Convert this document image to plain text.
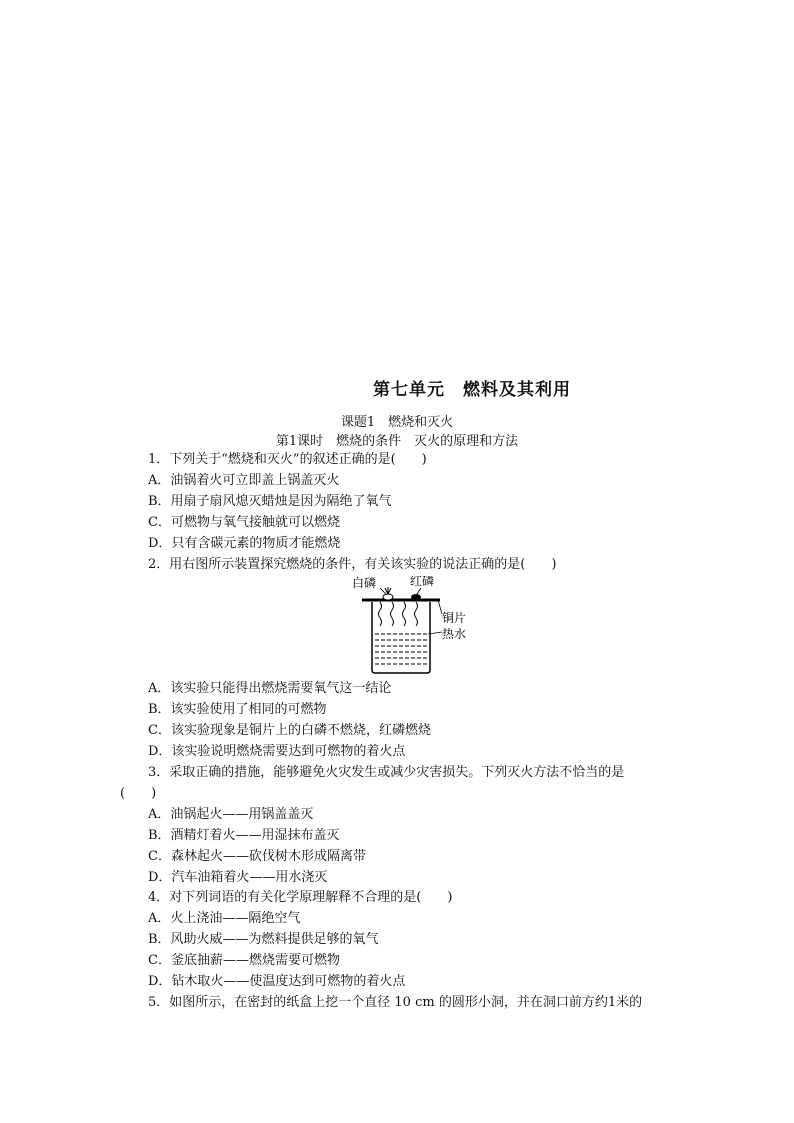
第七单元　燃料及其利用
课题1　燃烧和灭火
第1课时　燃烧的条件　灭火的原理和方法
1．下列关于“燃烧和灭火”的叙述正确的是(　　)
A．油锅着火可立即盖上锅盖灭火
B．用扇子扇风熄灭蜡烛是因为隔绝了氧气
C．可燃物与氧气接触就可以燃烧
D．只有含碳元素的物质才能燃烧
2．用右图所示装置探究燃烧的条件，有关该实验的说法正确的是(　　)
白磷	红磷
铜片
热水
A．该实验只能得出燃烧需要氧气这一结论
B．该实验使用了相同的可燃物
C．该实验现象是铜片上的白磷不燃烧，红磷燃烧
D．该实验说明燃烧需要达到可燃物的着火点
3．采取正确的措施，能够避免火灾发生或减少灾害损失。下列灭火方法不恰当的是
(　　)
A．油锅起火——用锅盖盖灭
B．酒精灯着火——用湿抹布盖灭
C．森林起火——砍伐树木形成隔离带
D．汽车油箱着火——用水浇灭
4．对下列词语的有关化学原理解释不合理的是(　　)
A．火上浇油——隔绝空气
B．风助火威——为燃料提供足够的氧气
C．釜底抽薪——燃烧需要可燃物
D．钻木取火——使温度达到可燃物的着火点
5．如图所示，在密封的纸盒上挖一个直径 10 cm 的圆形小洞，并在洞口前方约1米的
